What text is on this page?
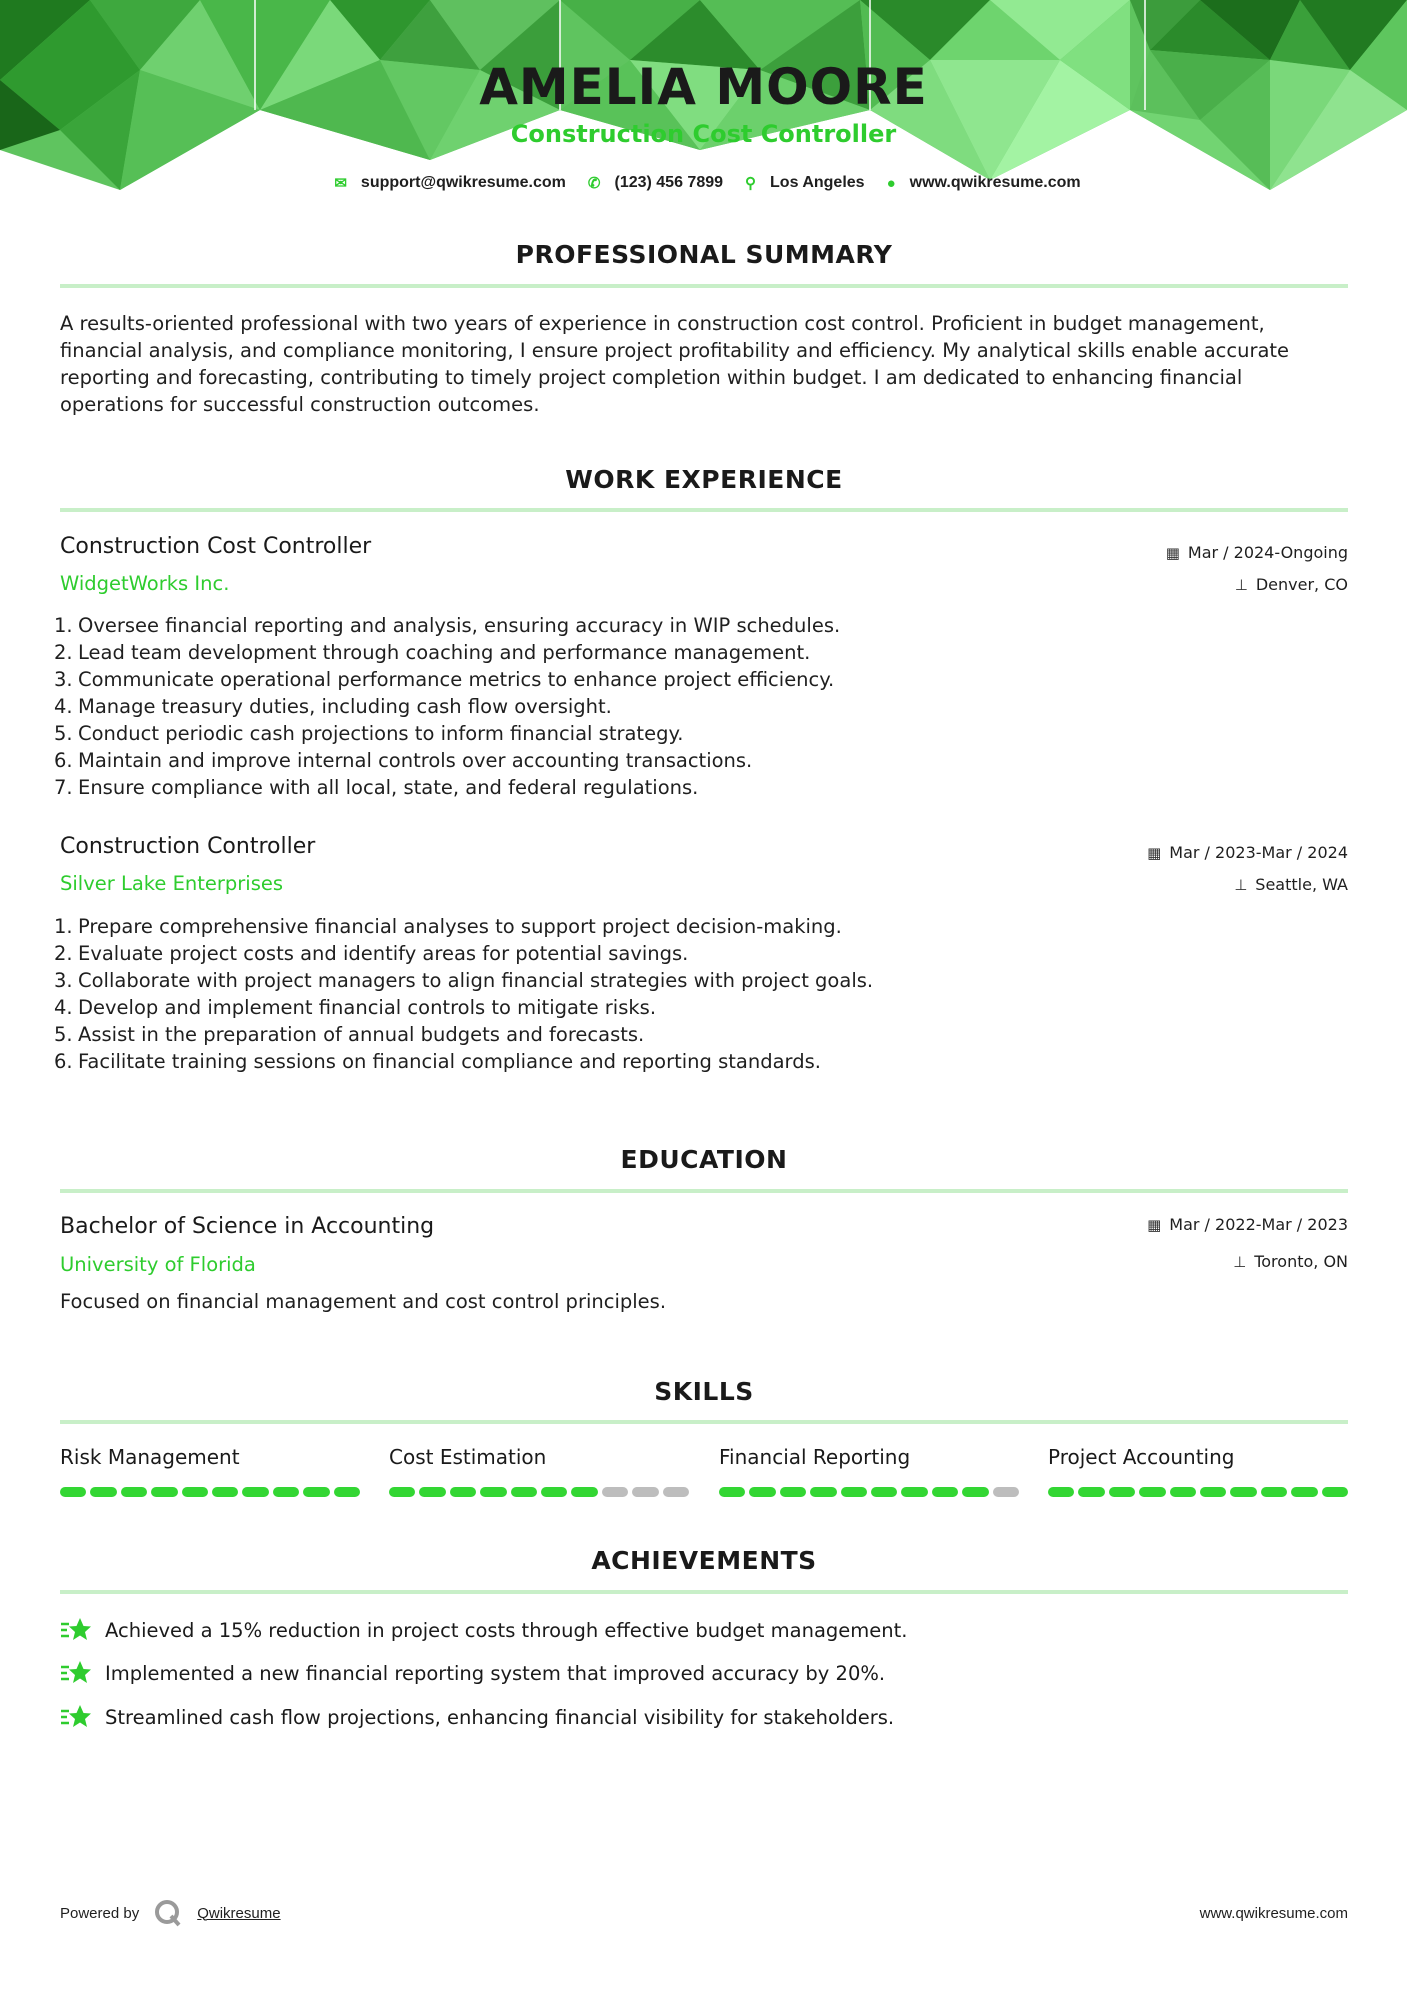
AMELIA MOORE
Construction Cost Controller
✉ support@qwikresume.com ✆ (123) 456 7899 ⚲ Los Angeles ● www.qwikresume.com
PROFESSIONAL SUMMARY
A results-oriented professional with two years of experience in construction cost control. Proficient in budget management, financial analysis, and compliance monitoring, I ensure project profitability and efficiency. My analytical skills enable accurate reporting and forecasting, contributing to timely project completion within budget. I am dedicated to enhancing financial operations for successful construction outcomes.
WORK EXPERIENCE
Construction Cost Controller
WidgetWorks Inc.
▦ Mar / 2024-Ongoing
⊥ Denver, CO
1. Oversee financial reporting and analysis, ensuring accuracy in WIP schedules.
2. Lead team development through coaching and performance management.
3. Communicate operational performance metrics to enhance project efficiency.
4. Manage treasury duties, including cash flow oversight.
5. Conduct periodic cash projections to inform financial strategy.
6. Maintain and improve internal controls over accounting transactions.
7. Ensure compliance with all local, state, and federal regulations.
Construction Controller
Silver Lake Enterprises
▦ Mar / 2023-Mar / 2024
⊥ Seattle, WA
1. Prepare comprehensive financial analyses to support project decision-making.
2. Evaluate project costs and identify areas for potential savings.
3. Collaborate with project managers to align financial strategies with project goals.
4. Develop and implement financial controls to mitigate risks.
5. Assist in the preparation of annual budgets and forecasts.
6. Facilitate training sessions on financial compliance and reporting standards.
EDUCATION
Bachelor of Science in Accounting
University of Florida
▦ Mar / 2022-Mar / 2023
⊥ Toronto, ON
Focused on financial management and cost control principles.
SKILLS
Risk Management	Cost Estimation	Financial Reporting	Project Accounting
ACHIEVEMENTS
Achieved a 15% reduction in project costs through effective budget management.
Implemented a new financial reporting system that improved accuracy by 20%.
Streamlined cash flow projections, enhancing financial visibility for stakeholders.
Powered by	Qwikresume	www.qwikresume.com
